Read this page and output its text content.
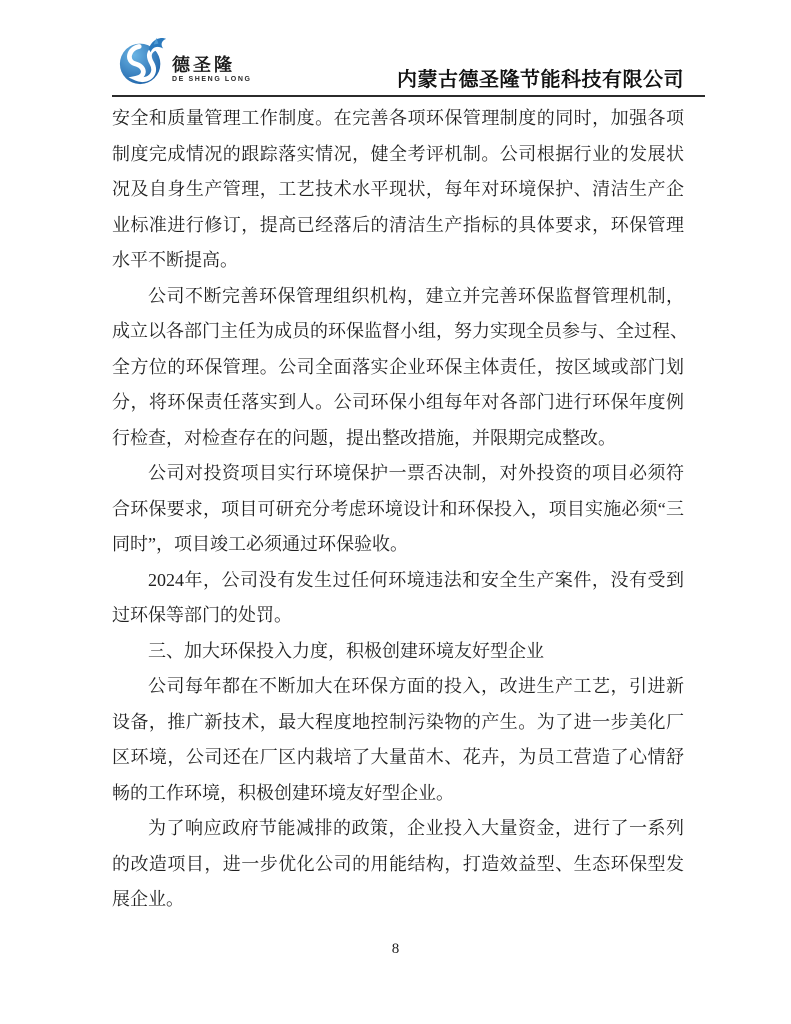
德圣隆
DE SHENG LONG	内蒙古德圣隆节能科技有限公司
安全和质量管理工作制度。在完善各项环保管理制度的同时，加强各项
制度完成情况的跟踪落实情况，健全考评机制。公司根据行业的发展状
况及自身生产管理，工艺技术水平现状，每年对环境保护、清洁生产企
业标准进行修订，提高已经落后的清洁生产指标的具体要求，环保管理
水平不断提高。
公司不断完善环保管理组织机构，建立并完善环保监督管理机制，
成立以各部门主任为成员的环保监督小组，努力实现全员参与、全过程、
全方位的环保管理。公司全面落实企业环保主体责任，按区域或部门划
分，将环保责任落实到人。公司环保小组每年对各部门进行环保年度例
行检查，对检查存在的问题，提出整改措施，并限期完成整改。
公司对投资项目实行环境保护一票否决制，对外投资的项目必须符
合环保要求，项目可研充分考虑环境设计和环保投入，项目实施必须“三
同时”，项目竣工必须通过环保验收。
2024年，公司没有发生过任何环境违法和安全生产案件，没有受到
过环保等部门的处罚。
三、加大环保投入力度，积极创建环境友好型企业
公司每年都在不断加大在环保方面的投入，改进生产工艺，引进新
设备，推广新技术，最大程度地控制污染物的产生。为了进一步美化厂
区环境，公司还在厂区内栽培了大量苗木、花卉，为员工营造了心情舒
畅的工作环境，积极创建环境友好型企业。
为了响应政府节能减排的政策，企业投入大量资金，进行了一系列
的改造项目，进一步优化公司的用能结构，打造效益型、生态环保型发
展企业。
8
